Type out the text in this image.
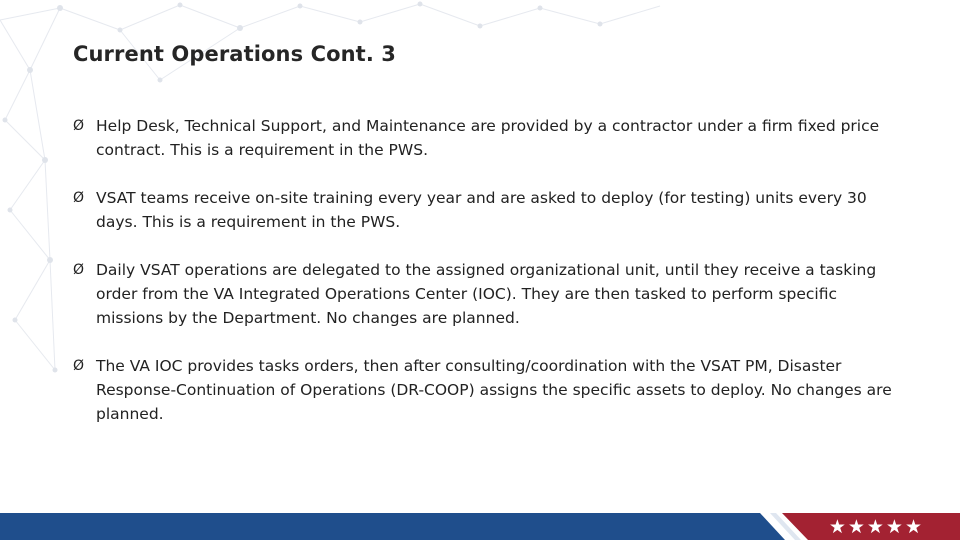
Current Operations Cont. 3
Ø Help Desk, Technical Support, and Maintenance are provided by a contractor under a firm fixed price contract. This is a requirement in the PWS.
Ø VSAT teams receive on-site training every year and are asked to deploy (for testing) units every 30 days. This is a requirement in the PWS.
Ø Daily VSAT operations are delegated to the assigned organizational unit, until they receive a tasking order from the VA Integrated Operations Center (IOC). They are then tasked to perform specific missions by the Department. No changes are planned.
Ø The VA IOC provides tasks orders, then after consulting/coordination with the VSAT PM, Disaster Response-Continuation of Operations (DR-COOP) assigns the specific assets to deploy. No changes are planned.
★★★★★
